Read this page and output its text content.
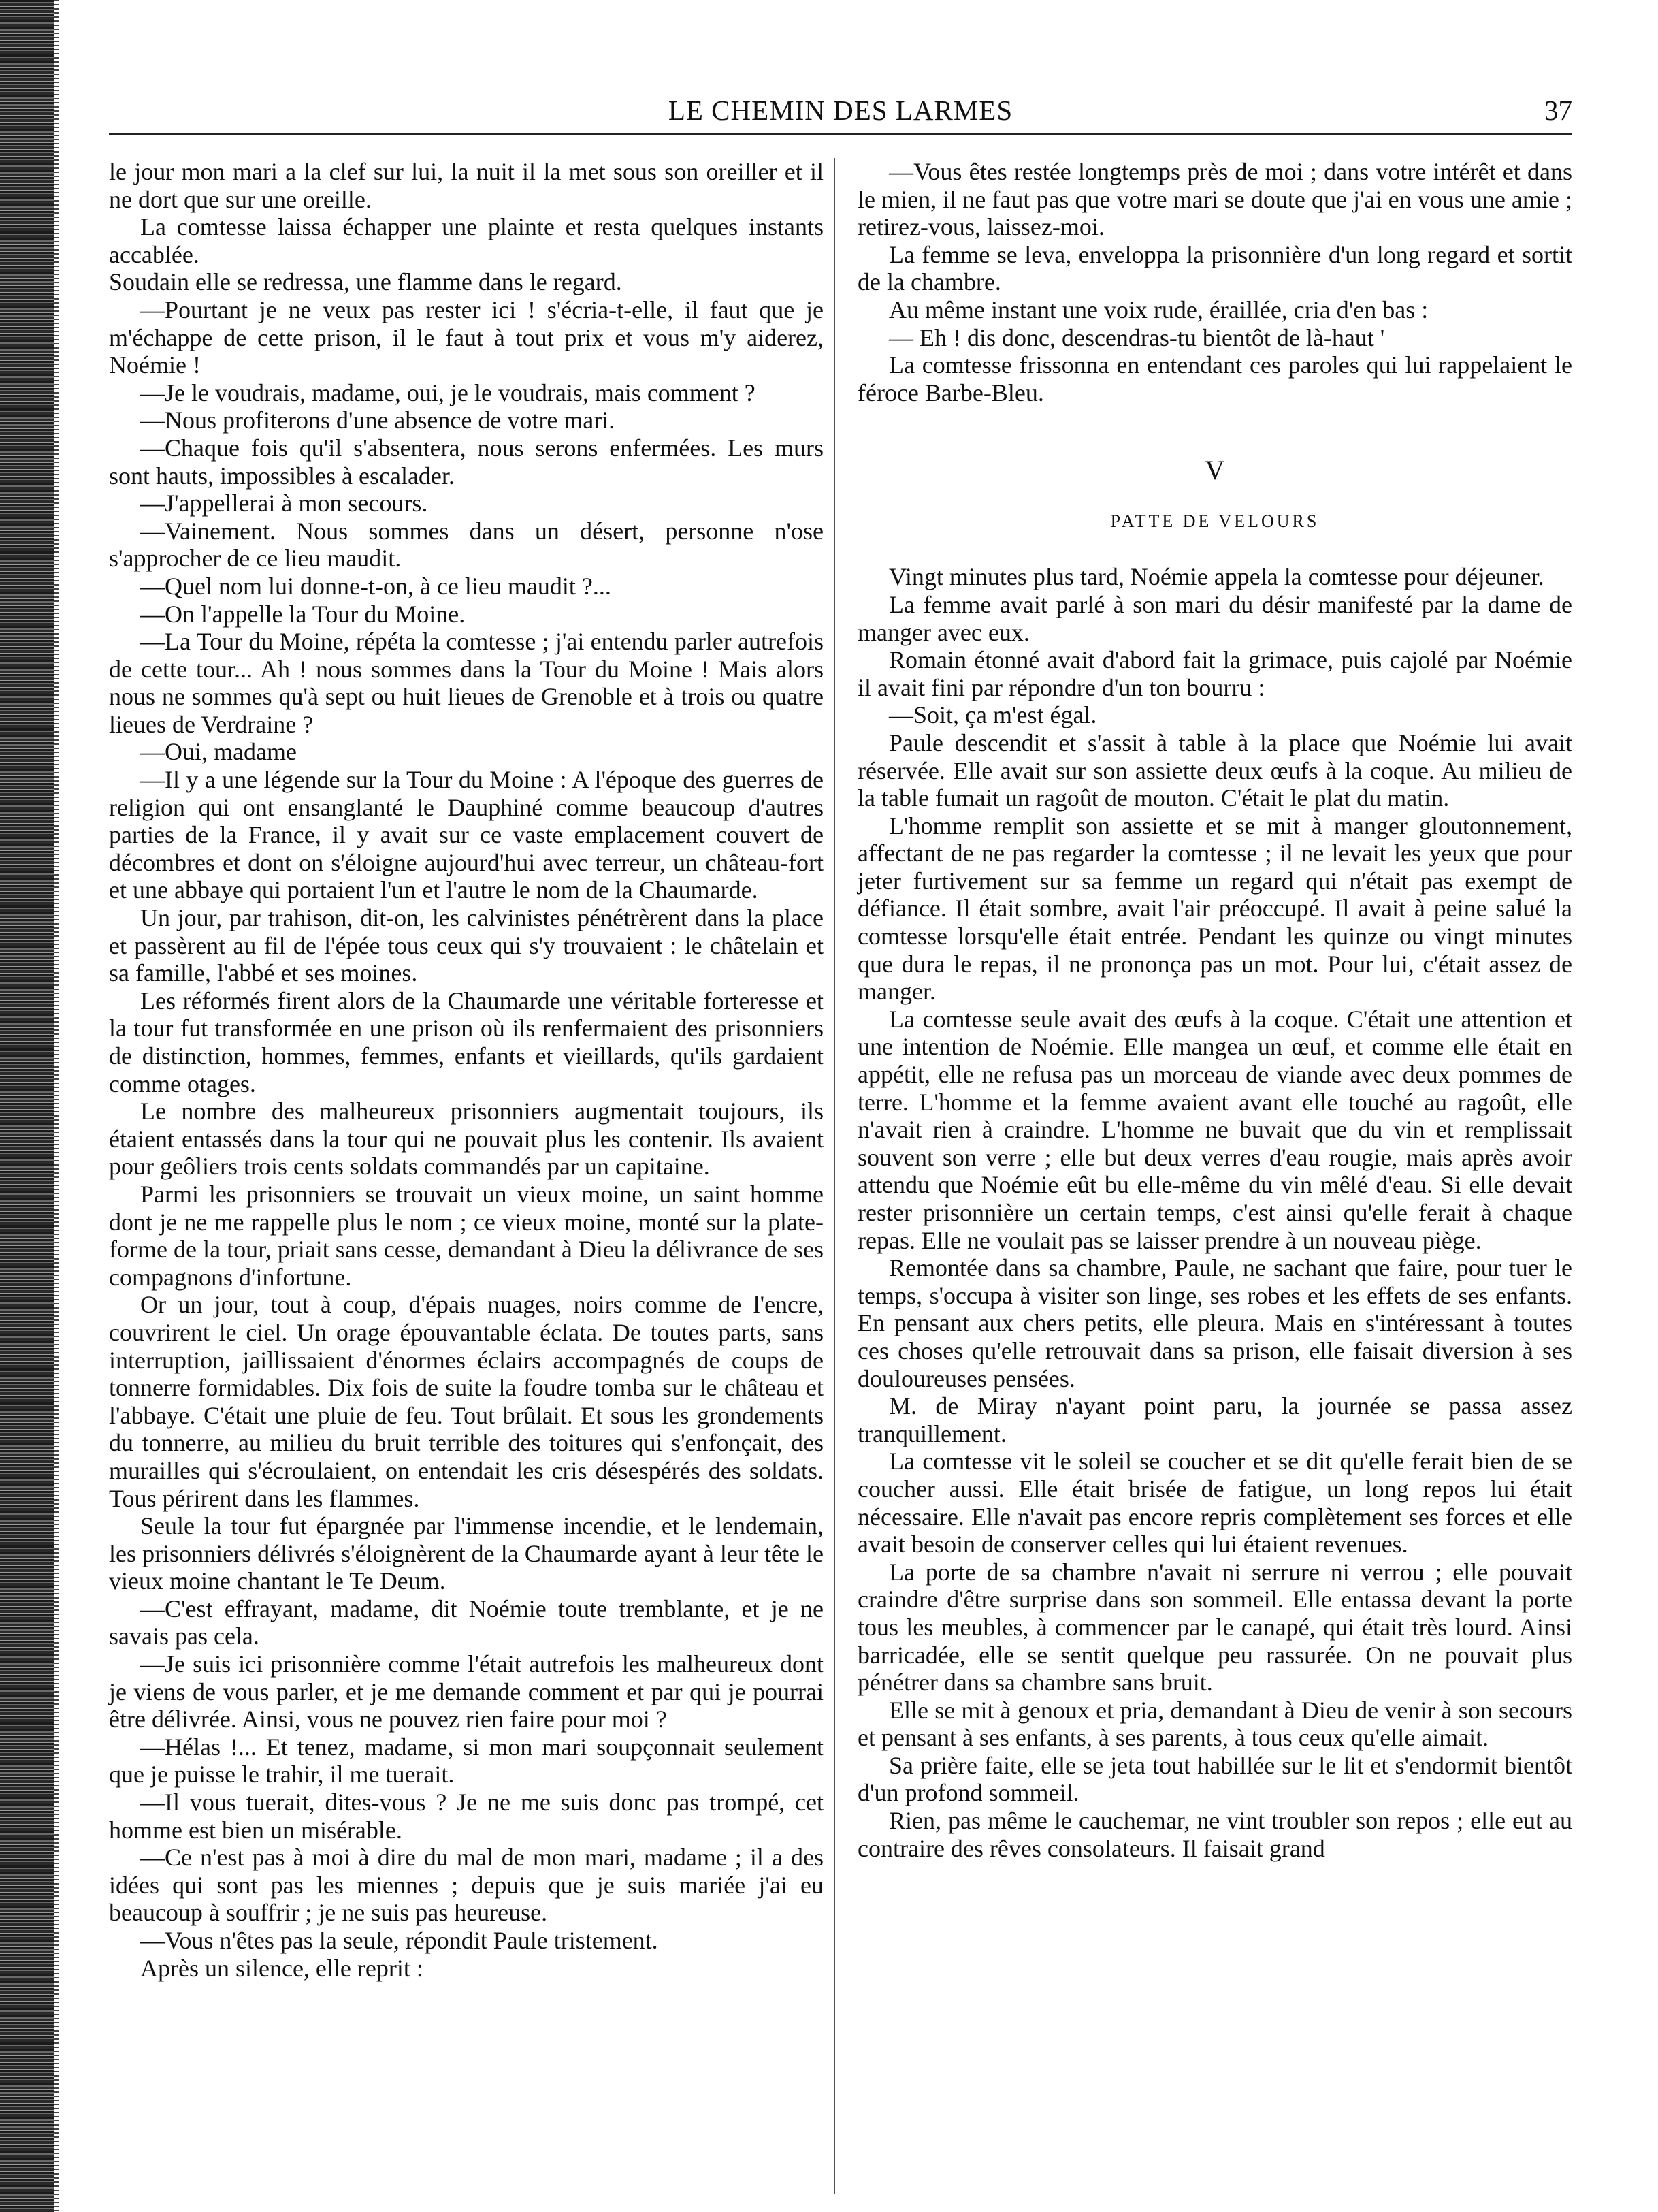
LE CHEMIN DES LARMES	37

le jour mon mari a la clef sur lui, la nuit il la met sous son oreiller et il ne dort que sur une oreille.

La comtesse laissa échapper une plainte et resta quelques instants accablée.

Soudain elle se redressa, une flamme dans le regard.

—Pourtant je ne veux pas rester ici ! s'écria-t-elle, il faut que je m'échappe de cette prison, il le faut à tout prix et vous m'y aiderez, Noémie !

—Je le voudrais, madame, oui, je le voudrais, mais comment ?

—Nous profiterons d'une absence de votre mari.

—Chaque fois qu'il s'absentera, nous serons enfermées. Les murs sont hauts, impossibles à escalader.

—J'appellerai à mon secours.

—Vainement. Nous sommes dans un désert, personne n'ose s'approcher de ce lieu maudit.

—Quel nom lui donne-t-on, à ce lieu maudit ?...

—On l'appelle la Tour du Moine.

—La Tour du Moine, répéta la comtesse ; j'ai entendu parler autrefois de cette tour... Ah ! nous sommes dans la Tour du Moine ! Mais alors nous ne sommes qu'à sept ou huit lieues de Grenoble et à trois ou quatre lieues de Verdraine ?

—Oui, madame

—Il y a une légende sur la Tour du Moine : A l'époque des guerres de religion qui ont ensanglanté le Dauphiné comme beaucoup d'autres parties de la France, il y avait sur ce vaste emplacement couvert de décombres et dont on s'éloigne aujourd'hui avec terreur, un château-fort et une abbaye qui portaient l'un et l'autre le nom de la Chaumarde.

Un jour, par trahison, dit-on, les calvinistes pénétrèrent dans la place et passèrent au fil de l'épée tous ceux qui s'y trouvaient : le châtelain et sa famille, l'abbé et ses moines.

Les réformés firent alors de la Chaumarde une véritable forteresse et la tour fut transformée en une prison où ils renfermaient des prisonniers de distinction, hommes, femmes, enfants et vieillards, qu'ils gardaient comme otages.

Le nombre des malheureux prisonniers augmentait toujours, ils étaient entassés dans la tour qui ne pouvait plus les contenir. Ils avaient pour geôliers trois cents soldats commandés par un capitaine.

Parmi les prisonniers se trouvait un vieux moine, un saint homme dont je ne me rappelle plus le nom ; ce vieux moine, monté sur la plate-forme de la tour, priait sans cesse, demandant à Dieu la délivrance de ses compagnons d'infortune.

Or un jour, tout à coup, d'épais nuages, noirs comme de l'encre, couvrirent le ciel. Un orage épouvantable éclata. De toutes parts, sans interruption, jaillissaient d'énormes éclairs accompagnés de coups de tonnerre formidables. Dix fois de suite la foudre tomba sur le château et l'abbaye. C'était une pluie de feu. Tout brûlait. Et sous les grondements du tonnerre, au milieu du bruit terrible des toitures qui s'enfonçait, des murailles qui s'écroulaient, on entendait les cris désespérés des soldats. Tous périrent dans les flammes.

Seule la tour fut épargnée par l'immense incendie, et le lendemain, les prisonniers délivrés s'éloignèrent de la Chaumarde ayant à leur tête le vieux moine chantant le Te Deum.

—C'est effrayant, madame, dit Noémie toute tremblante, et je ne savais pas cela.

—Je suis ici prisonnière comme l'était autrefois les malheureux dont je viens de vous parler, et je me demande comment et par qui je pourrai être délivrée. Ainsi, vous ne pouvez rien faire pour moi ?

—Hélas !... Et tenez, madame, si mon mari soupçonnait seulement que je puisse le trahir, il me tuerait.

—Il vous tuerait, dites-vous ? Je ne me suis donc pas trompé, cet homme est bien un misérable.

—Ce n'est pas à moi à dire du mal de mon mari, madame ; il a des idées qui sont pas les miennes ; depuis que je suis mariée j'ai eu beaucoup à souffrir ; je ne suis pas heureuse.

—Vous n'êtes pas la seule, répondit Paule tristement.

Après un silence, elle reprit :

—Vous êtes restée longtemps près de moi ; dans votre intérêt et dans le mien, il ne faut pas que votre mari se doute que j'ai en vous une amie ; retirez-vous, laissez-moi.

La femme se leva, enveloppa la prisonnière d'un long regard et sortit de la chambre.

Au même instant une voix rude, éraillée, cria d'en bas :

— Eh ! dis donc, descendras-tu bientôt de là-haut '

La comtesse frissonna en entendant ces paroles qui lui rappelaient le féroce Barbe-Bleu.

V
PATTE DE VELOURS

Vingt minutes plus tard, Noémie appela la comtesse pour déjeuner.

La femme avait parlé à son mari du désir manifesté par la dame de manger avec eux.

Romain étonné avait d'abord fait la grimace, puis cajolé par Noémie il avait fini par répondre d'un ton bourru :

—Soit, ça m'est égal.

Paule descendit et s'assit à table à la place que Noémie lui avait réservée. Elle avait sur son assiette deux œufs à la coque. Au milieu de la table fumait un ragoût de mouton. C'était le plat du matin.

L'homme remplit son assiette et se mit à manger gloutonnement, affectant de ne pas regarder la comtesse ; il ne levait les yeux que pour jeter furtivement sur sa femme un regard qui n'était pas exempt de défiance. Il était sombre, avait l'air préoccupé. Il avait à peine salué la comtesse lorsqu'elle était entrée. Pendant les quinze ou vingt minutes que dura le repas, il ne prononça pas un mot. Pour lui, c'était assez de manger.

La comtesse seule avait des œufs à la coque. C'était une attention et une intention de Noémie. Elle mangea un œuf, et comme elle était en appétit, elle ne refusa pas un morceau de viande avec deux pommes de terre. L'homme et la femme avaient avant elle touché au ragoût, elle n'avait rien à craindre. L'homme ne buvait que du vin et remplissait souvent son verre ; elle but deux verres d'eau rougie, mais après avoir attendu que Noémie eût bu elle-même du vin mêlé d'eau. Si elle devait rester prisonnière un certain temps, c'est ainsi qu'elle ferait à chaque repas. Elle ne voulait pas se laisser prendre à un nouveau piège.

Remontée dans sa chambre, Paule, ne sachant que faire, pour tuer le temps, s'occupa à visiter son linge, ses robes et les effets de ses enfants. En pensant aux chers petits, elle pleura. Mais en s'intéressant à toutes ces choses qu'elle retrouvait dans sa prison, elle faisait diversion à ses douloureuses pensées.

M. de Miray n'ayant point paru, la journée se passa assez tranquillement.

La comtesse vit le soleil se coucher et se dit qu'elle ferait bien de se coucher aussi. Elle était brisée de fatigue, un long repos lui était nécessaire. Elle n'avait pas encore repris complètement ses forces et elle avait besoin de conserver celles qui lui étaient revenues.

La porte de sa chambre n'avait ni serrure ni verrou ; elle pouvait craindre d'être surprise dans son sommeil. Elle entassa devant la porte tous les meubles, à commencer par le canapé, qui était très lourd. Ainsi barricadée, elle se sentit quelque peu rassurée. On ne pouvait plus pénétrer dans sa chambre sans bruit.

Elle se mit à genoux et pria, demandant à Dieu de venir à son secours et pensant à ses enfants, à ses parents, à tous ceux qu'elle aimait.

Sa prière faite, elle se jeta tout habillée sur le lit et s'endormit bientôt d'un profond sommeil.

Rien, pas même le cauchemar, ne vint troubler son repos ; elle eut au contraire des rêves consolateurs. Il faisait grand
